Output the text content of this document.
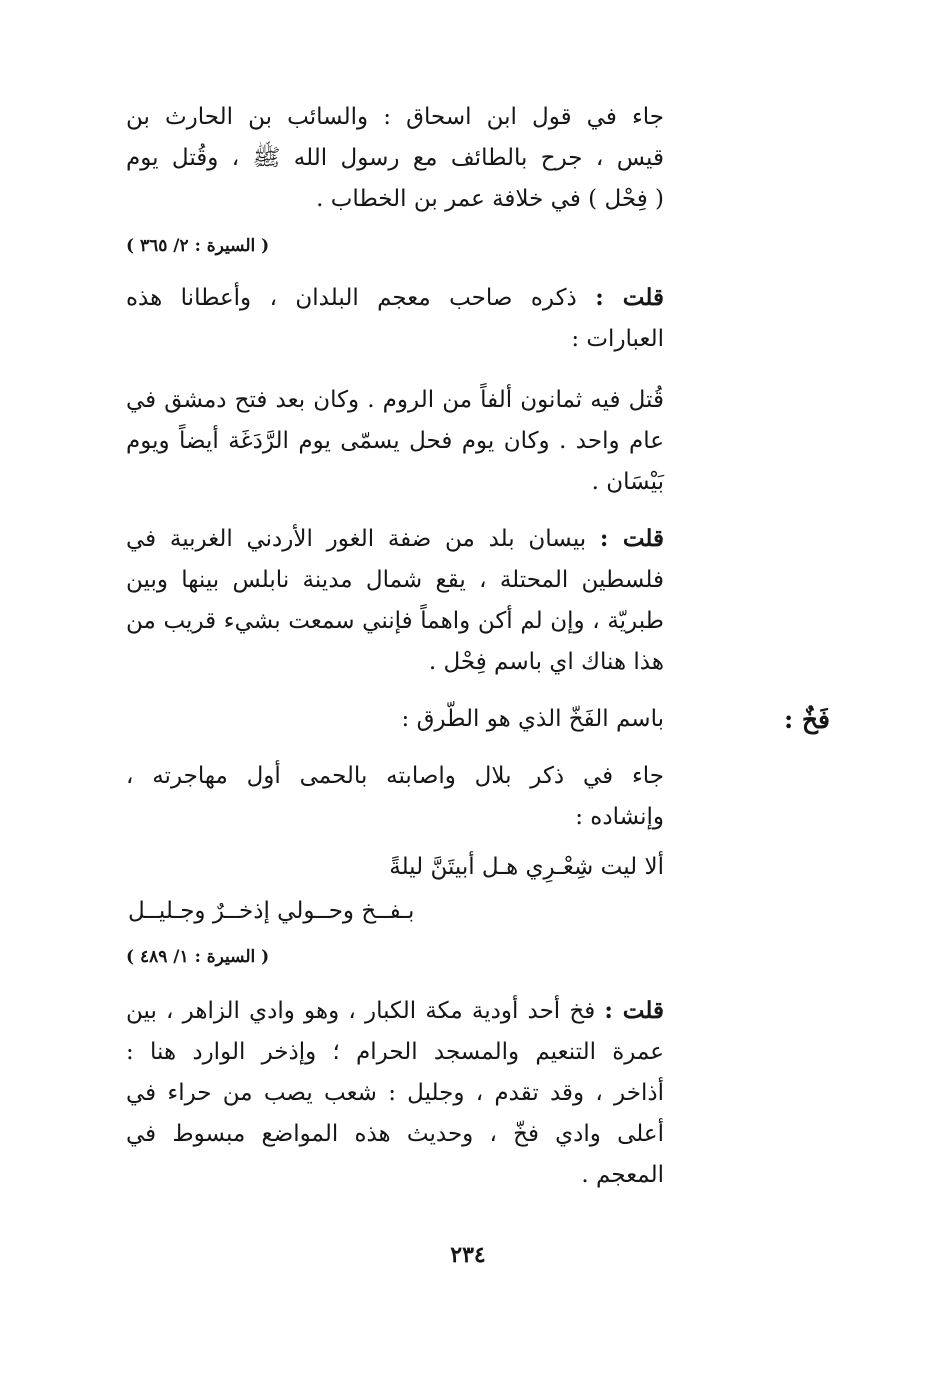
جاء في قول ابن اسحاق : والسائب بن الحارث بن
قيس ، جرح بالطائف مع رسول الله ﷺ ، وقُتل يوم
( فِحْل ) في خلافة عمر بن الخطاب .
( السيرة : ٢/ ٣٦٥ )
قلت : ذكره صاحب معجم البلدان ، وأعطانا هذه
العبارات :
قُتل فيه ثمانون ألفاً من الروم . وكان بعد فتح دمشق في
عام واحد . وكان يوم فحل يسمّى يوم الرَّدَغَة أيضاً ويوم
بَيْسَان .
قلت : بيسان بلد من ضفة الغور الأردني الغربية في
فلسطين المحتلة ، يقع شمال مدينة نابلس بينها وبين
طبريّة ، وإن لم أكن واهماً فإنني سمعت بشيء قريب من
هذا هناك اي باسم فِحْل .
فَخٌ :
باسم الفَخّ الذي هو الطّرق :
جاء في ذكر بلال واصابته بالحمى أول مهاجرته ،
وإنشاده :
ألا ليت شِعْـرِي هـل أبيتَنَّ ليلةً
بـفــخ وحــولي إذخــرٌ وجـليــل
( السيرة : ١/ ٤٨٩ )
قلت : فخ أحد أودية مكة الكبار ، وهو وادي الزاهر ، بين
عمرة التنعيم والمسجد الحرام ؛ وإذخر الوارد هنا :
أذاخر ، وقد تقدم ، وجليل : شعب يصب من حراء في
أعلى وادي فخّ ، وحديث هذه المواضع مبسوط في
المعجم .
٢٣٤
